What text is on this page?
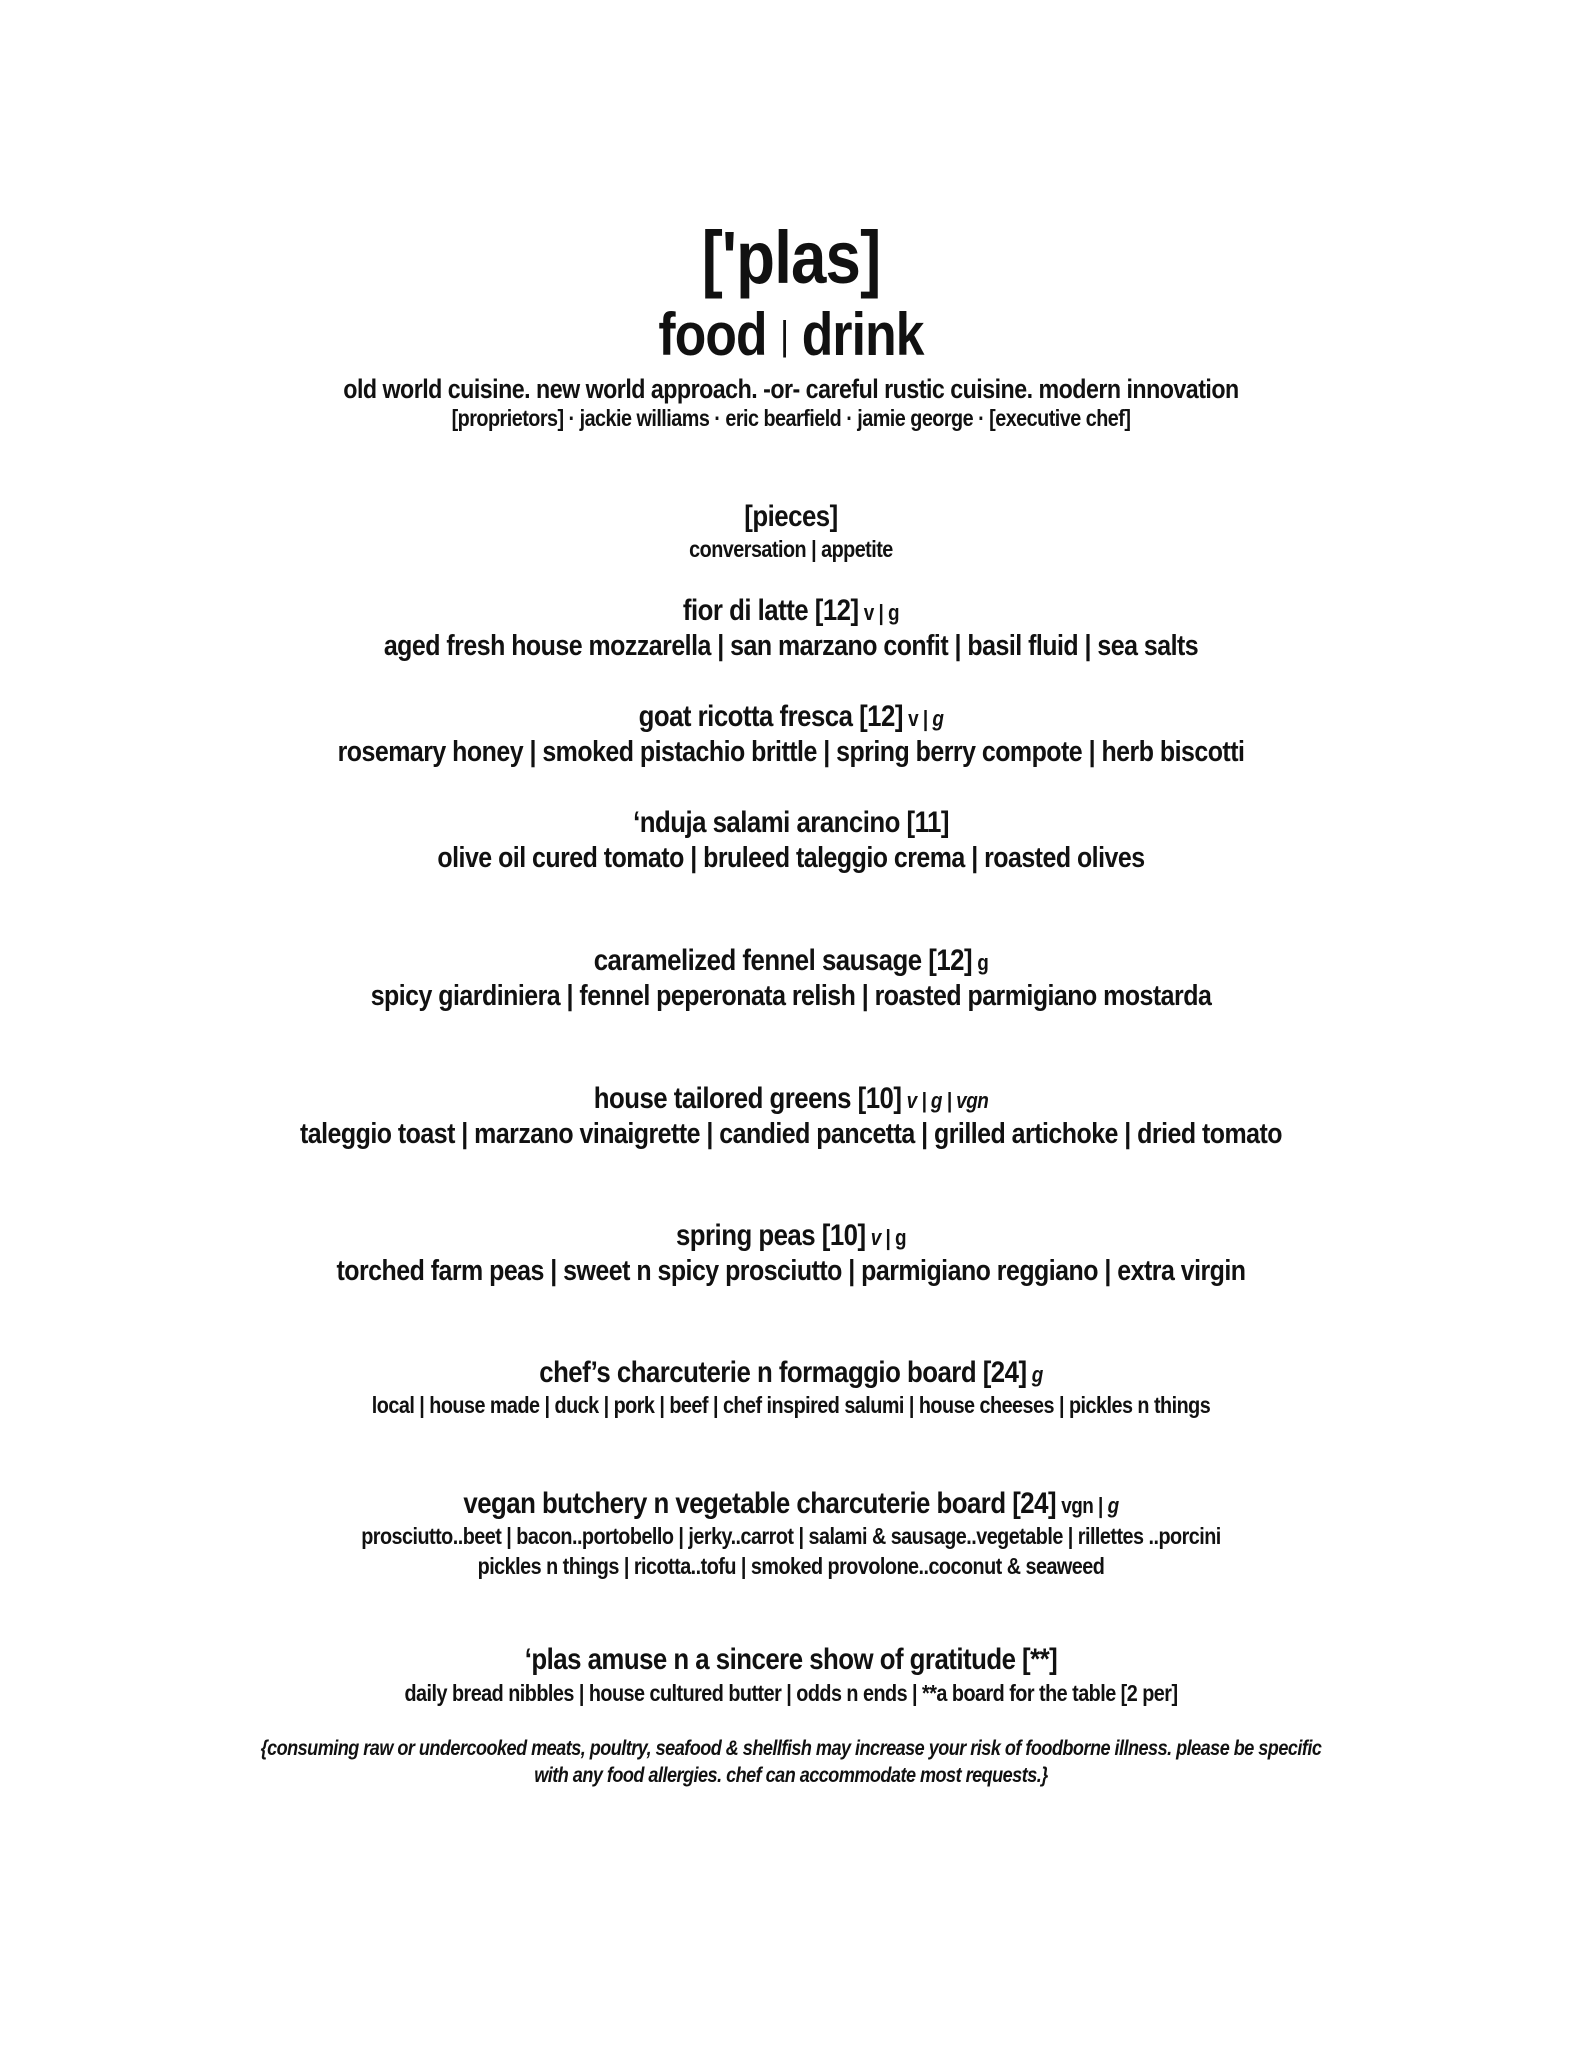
['plas]
food | drink
old world cuisine. new world approach. -or- careful rustic cuisine. modern innovation
[proprietors] · jackie williams · eric bearfield · jamie george · [executive chef]
[pieces]
conversation | appetite
fior di latte [12] v | g
aged fresh house mozzarella | san marzano confit | basil fluid | sea salts
goat ricotta fresca [12] v | g
rosemary honey | smoked pistachio brittle | spring berry compote | herb biscotti
‘nduja salami arancino [11]
olive oil cured tomato | bruleed taleggio crema | roasted olives
caramelized fennel sausage [12] g
spicy giardiniera | fennel peperonata relish | roasted parmigiano mostarda
house tailored greens [10] v | g | vgn
taleggio toast | marzano vinaigrette | candied pancetta | grilled artichoke | dried tomato
spring peas [10] v | g
torched farm peas | sweet n spicy prosciutto | parmigiano reggiano | extra virgin
chef’s charcuterie n formaggio board [24] g
local | house made | duck | pork | beef | chef inspired salumi | house cheeses | pickles n things
vegan butchery n vegetable charcuterie board [24] vgn | g
prosciutto..beet | bacon..portobello | jerky..carrot | salami & sausage..vegetable | rillettes ..porcini
pickles n things | ricotta..tofu | smoked provolone..coconut & seaweed
‘plas amuse n a sincere show of gratitude [**]
daily bread nibbles | house cultured butter | odds n ends | **a board for the table [2 per]
{consuming raw or undercooked meats, poultry, seafood & shellfish may increase your risk of foodborne illness. please be specific
with any food allergies. chef can accommodate most requests.}
